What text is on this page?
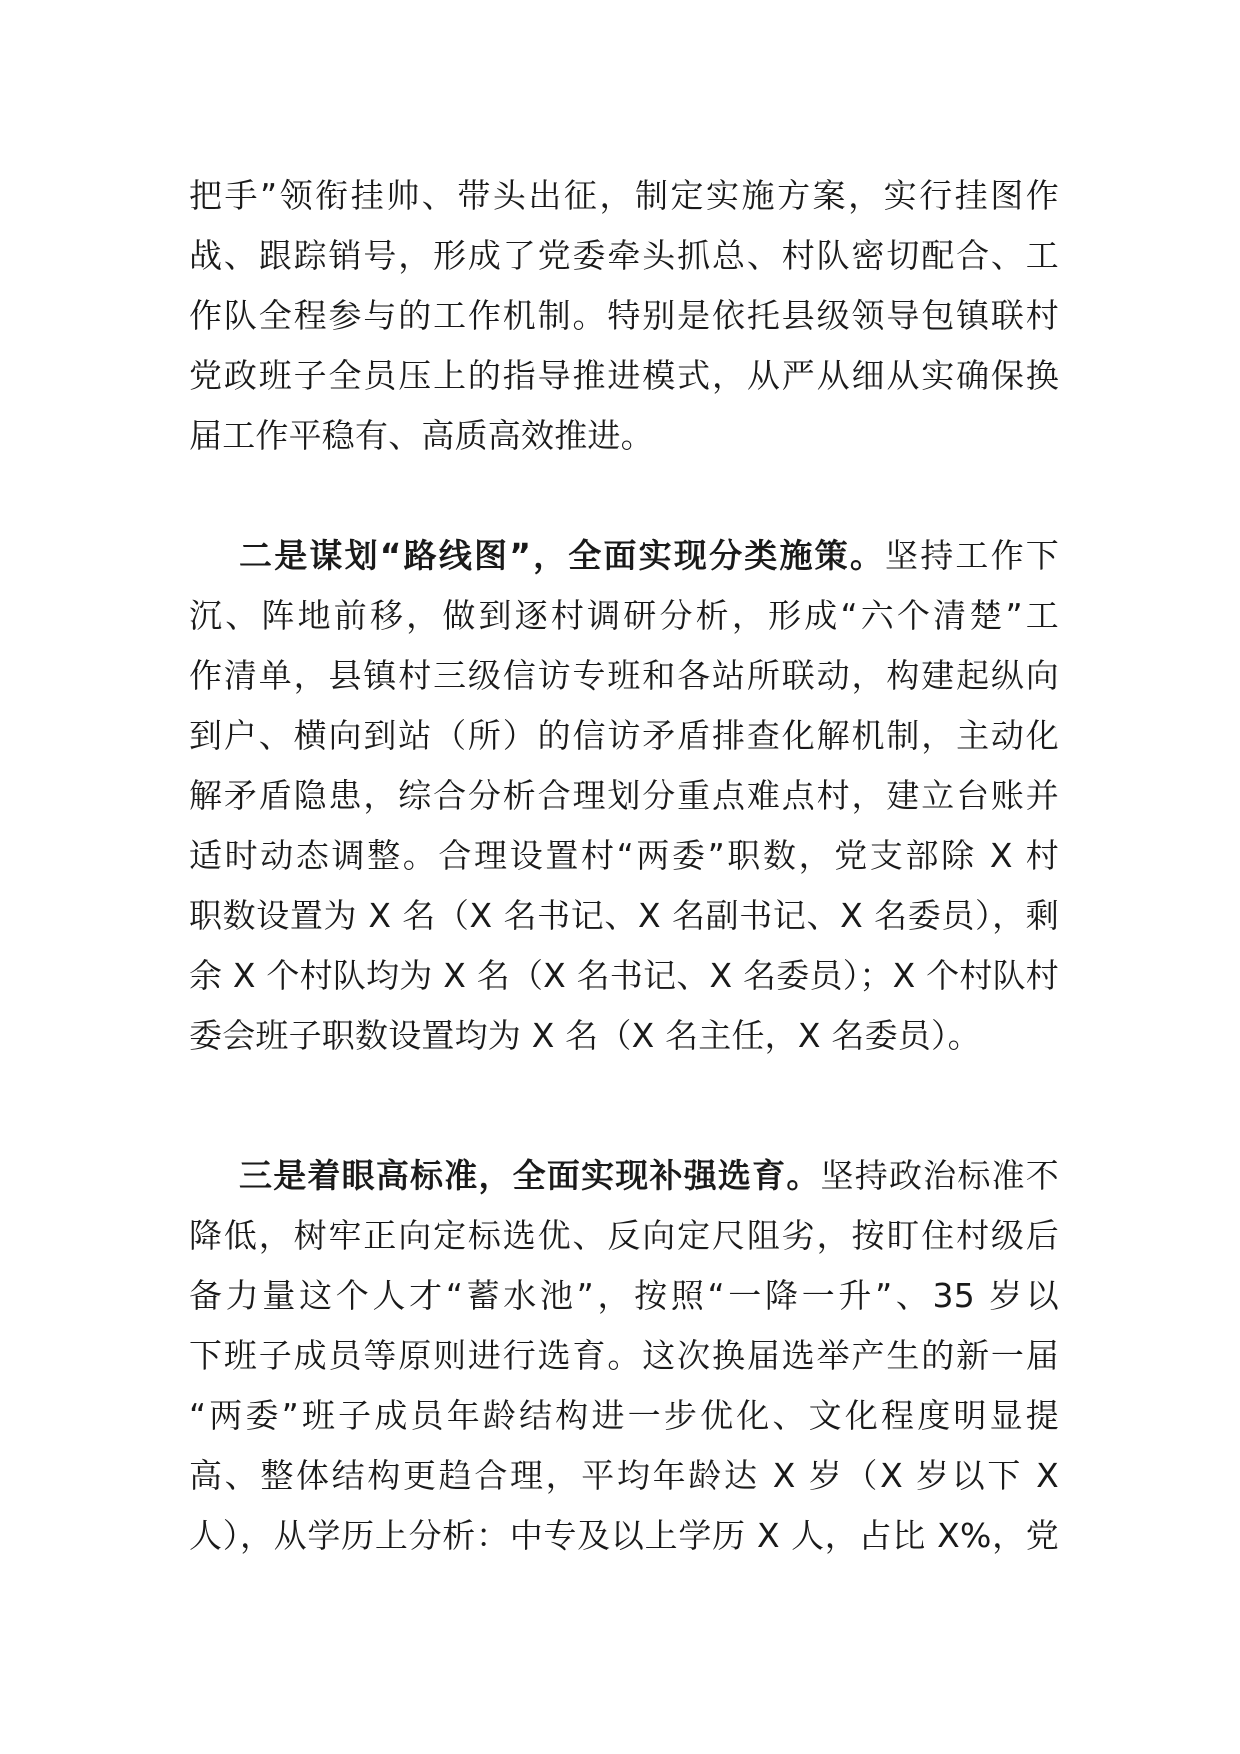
把手”领衔挂帅、带头出征，制定实施方案，实行挂图作
战、跟踪销号，形成了党委牵头抓总、村队密切配合、工
作队全程参与的工作机制。特别是依托县级领导包镇联村
党政班子全员压上的指导推进模式，从严从细从实确保换
届工作平稳有、高质高效推进。
二是谋划“路线图”，全面实现分类施策。坚持工作下
沉、阵地前移，做到逐村调研分析，形成“六个清楚”工
作清单，县镇村三级信访专班和各站所联动，构建起纵向
到户、横向到站（所）的信访矛盾排查化解机制，主动化
解矛盾隐患，综合分析合理划分重点难点村，建立台账并
适时动态调整。合理设置村“两委”职数，党支部除 X 村
职数设置为 X 名（X 名书记、X 名副书记、X 名委员），剩
余 X 个村队均为 X 名（X 名书记、X 名委员）；X 个村队村
委会班子职数设置均为 X 名（X 名主任，X 名委员）。
三是着眼高标准，全面实现补强选育。坚持政治标准不
降低，树牢正向定标选优、反向定尺阻劣，按盯住村级后
备力量这个人才“蓄水池”，按照“一降一升”、35 岁以
下班子成员等原则进行选育。这次换届选举产生的新一届
“两委”班子成员年龄结构进一步优化、文化程度明显提
高、整体结构更趋合理，平均年龄达 X 岁（X 岁以下 X
人），从学历上分析：中专及以上学历 X 人，占比 X%，党
